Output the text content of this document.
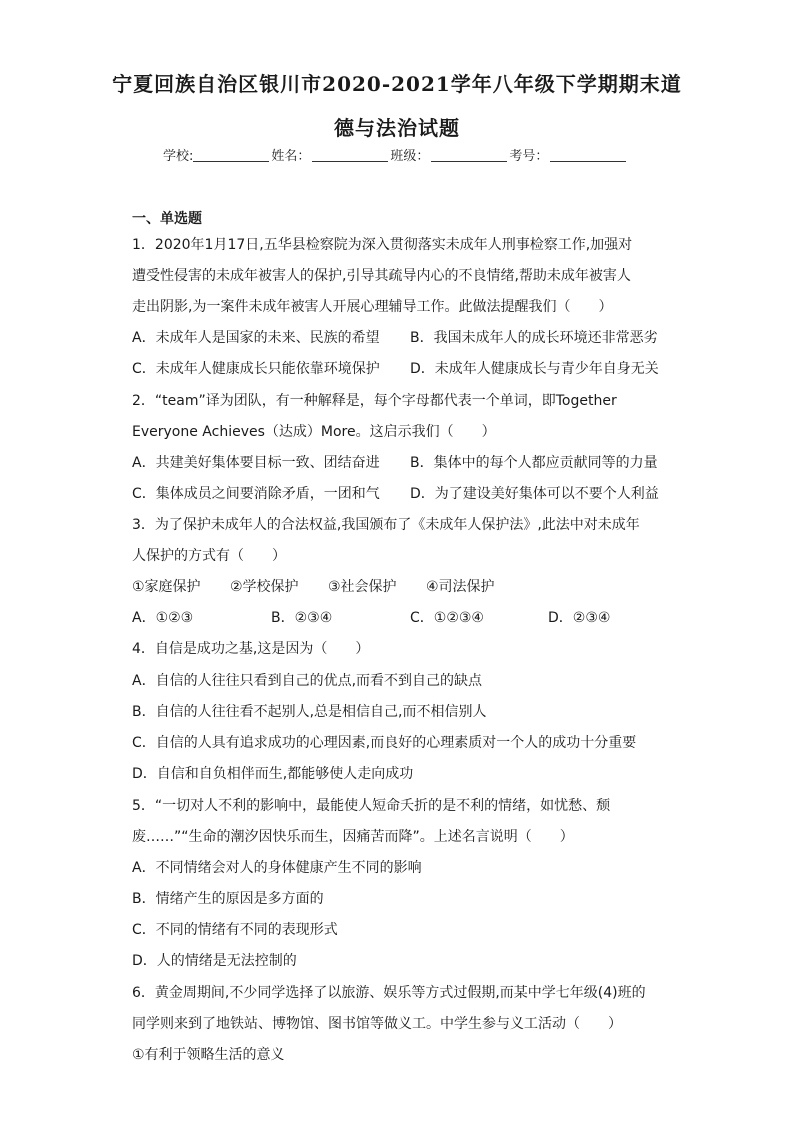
宁夏回族自治区银川市2020-2021学年八年级下学期期末道
德与法治试题
学校:	姓名：	班级：	考号：
一、单选题
1．2020年1月17日,五华县检察院为深入贯彻落实未成年人刑事检察工作,加强对
遭受性侵害的未成年被害人的保护,引导其疏导内心的不良情绪,帮助未成年被害人
走出阴影,为一案件未成年被害人开展心理辅导工作。此做法提醒我们（　　）
A．未成年人是国家的未来、民族的希望 B．我国未成年人的成长环境还非常恶劣
C．未成年人健康成长只能依靠环境保护 D．未成年人健康成长与青少年自身无关
2．“team”译为团队，有一种解释是，每个字母都代表一个单词，即Together
Everyone Achieves（达成）More。这启示我们（　　）
A．共建美好集体要目标一致、团结奋进 B．集体中的每个人都应贡献同等的力量
C．集体成员之间要消除矛盾，一团和气 D．为了建设美好集体可以不要个人利益
3．为了保护未成年人的合法权益,我国颁布了《未成年人保护法》,此法中对未成年
人保护的方式有（　　）
①家庭保护 ②学校保护 ③社会保护 ④司法保护
A．①②③	B．②③④	C．①②③④	D．②③④
4．自信是成功之基,这是因为（　　）
A．自信的人往往只看到自己的优点,而看不到自己的缺点
B．自信的人往往看不起别人,总是相信自己,而不相信别人
C．自信的人具有追求成功的心理因素,而良好的心理素质对一个人的成功十分重要
D．自信和自负相伴而生,都能够使人走向成功
5．“一切对人不利的影响中，最能使人短命夭折的是不利的情绪，如忧愁、颓
废……”“生命的潮汐因快乐而生，因痛苦而降”。上述名言说明（　　）
A．不同情绪会对人的身体健康产生不同的影响
B．情绪产生的原因是多方面的
C．不同的情绪有不同的表现形式
D．人的情绪是无法控制的
6．黄金周期间,不少同学选择了以旅游、娱乐等方式过假期,而某中学七年级(4)班的
同学则来到了地铁站、博物馆、图书馆等做义工。中学生参与义工活动（　　）
①有利于领略生活的意义
